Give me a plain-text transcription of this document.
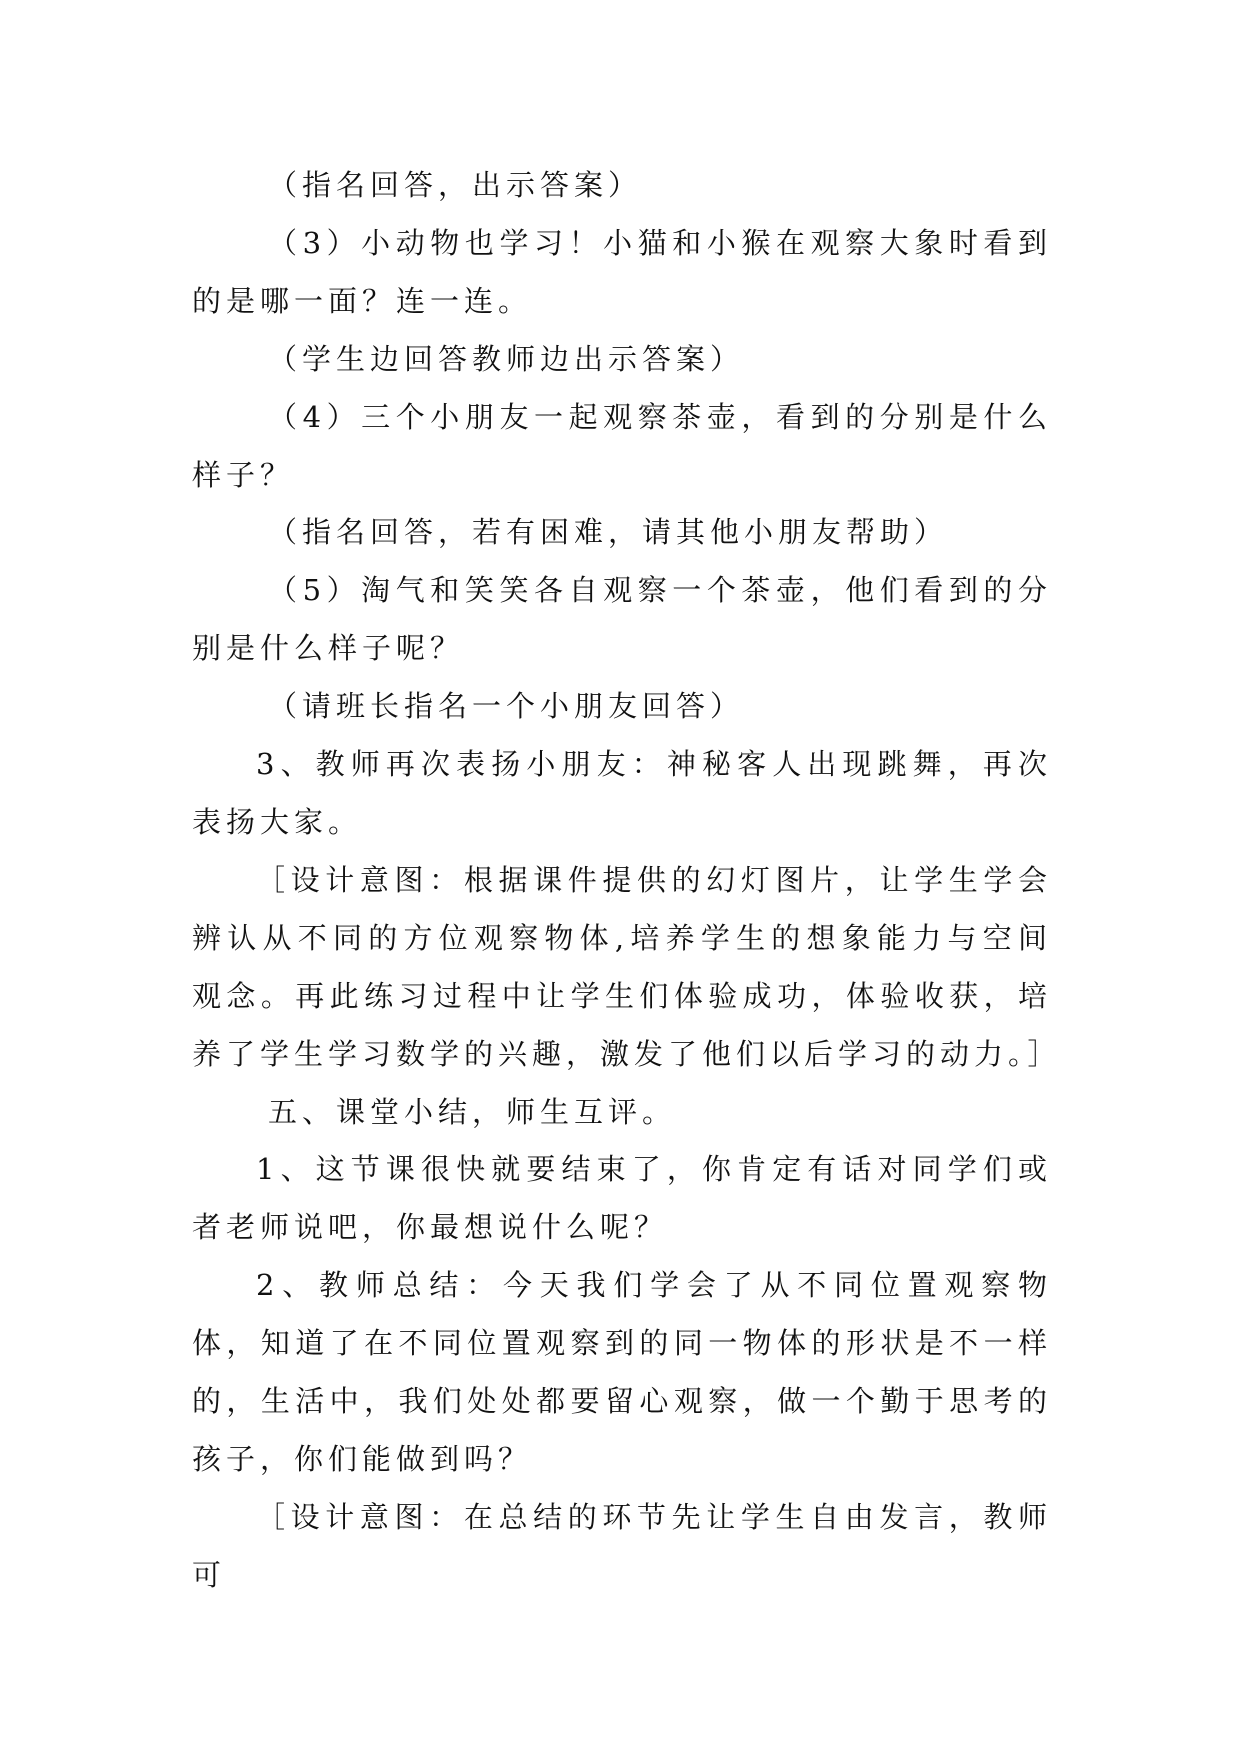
（指名回答，出示答案）

（3）小动物也学习！小猫和小猴在观察大象时看到的是哪一面？连一连。

（学生边回答教师边出示答案）

（4）三个小朋友一起观察茶壶，看到的分别是什么样子？

（指名回答，若有困难，请其他小朋友帮助）

（5）淘气和笑笑各自观察一个茶壶，他们看到的分别是什么样子呢？

（请班长指名一个小朋友回答）

3、教师再次表扬小朋友：神秘客人出现跳舞，再次表扬大家。

［设计意图：根据课件提供的幻灯图片，让学生学会辨认从不同的方位观察物体,培养学生的想象能力与空间观念。再此练习过程中让学生们体验成功，体验收获，培养了学生学习数学的兴趣，激发了他们以后学习的动力。］

五、课堂小结，师生互评。

1、这节课很快就要结束了，你肯定有话对同学们或者老师说吧，你最想说什么呢？

2、教师总结：今天我们学会了从不同位置观察物体，知道了在不同位置观察到的同一物体的形状是不一样的，生活中，我们处处都要留心观察，做一个勤于思考的孩子，你们能做到吗？

［设计意图：在总结的环节先让学生自由发言，教师可
